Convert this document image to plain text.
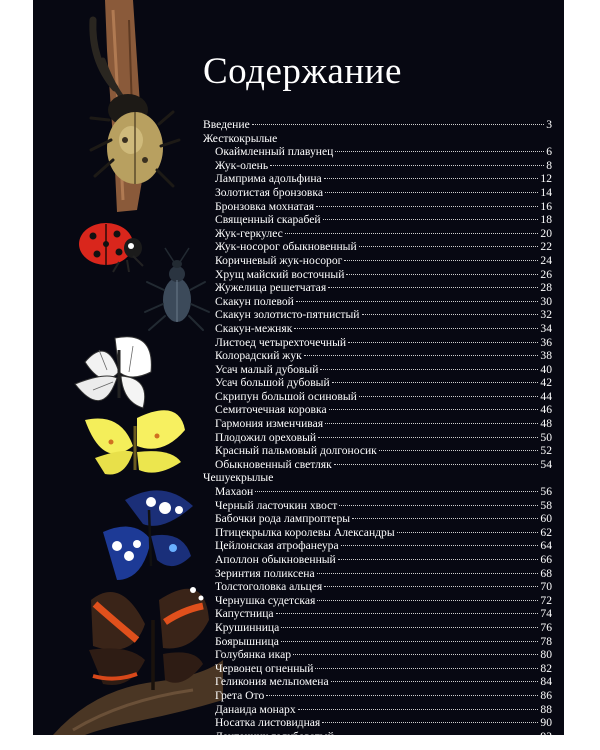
Содержание
Введение	3
Жесткокрылые
Окаймленный плавунец	6
Жук-олень	8
Ламприма адольфина	12
Золотистая бронзовка	14
Бронзовка мохнатая	16
Священный скарабей	18
Жук-геркулес	20
Жук-носорог обыкновенный	22
Коричневый жук-носорог	24
Хрущ майский восточный	26
Жужелица решетчатая	28
Скакун полевой	30
Скакун золотисто-пятнистый	32
Скакун-межняк	34
Листоед четырехточечный	36
Колорадский жук	38
Усач малый дубовый	40
Усач большой дубовый	42
Скрипун большой осиновый	44
Семиточечная коровка	46
Гармония изменчивая	48
Плодожил ореховый	50
Красный пальмовый долгоносик	52
Обыкновенный светляк	54
Чешуекрылые
Махаон	56
Черный ласточкин хвост	58
Бабочки рода лампроптеры	60
Птицекрылка королевы Александры	62
Цейлонская атрофанеура	64
Аполлон обыкновенный	66
Зеринтия поликсена	68
Толстоголовка альцея	70
Чернушка судетская	72
Капустница	74
Крушинница	76
Боярышница	78
Голубянка икар	80
Червонец огненный	82
Геликония мельпомена	84
Грета Ото	86
Данаида монарх	88
Носатка листовидная	90
